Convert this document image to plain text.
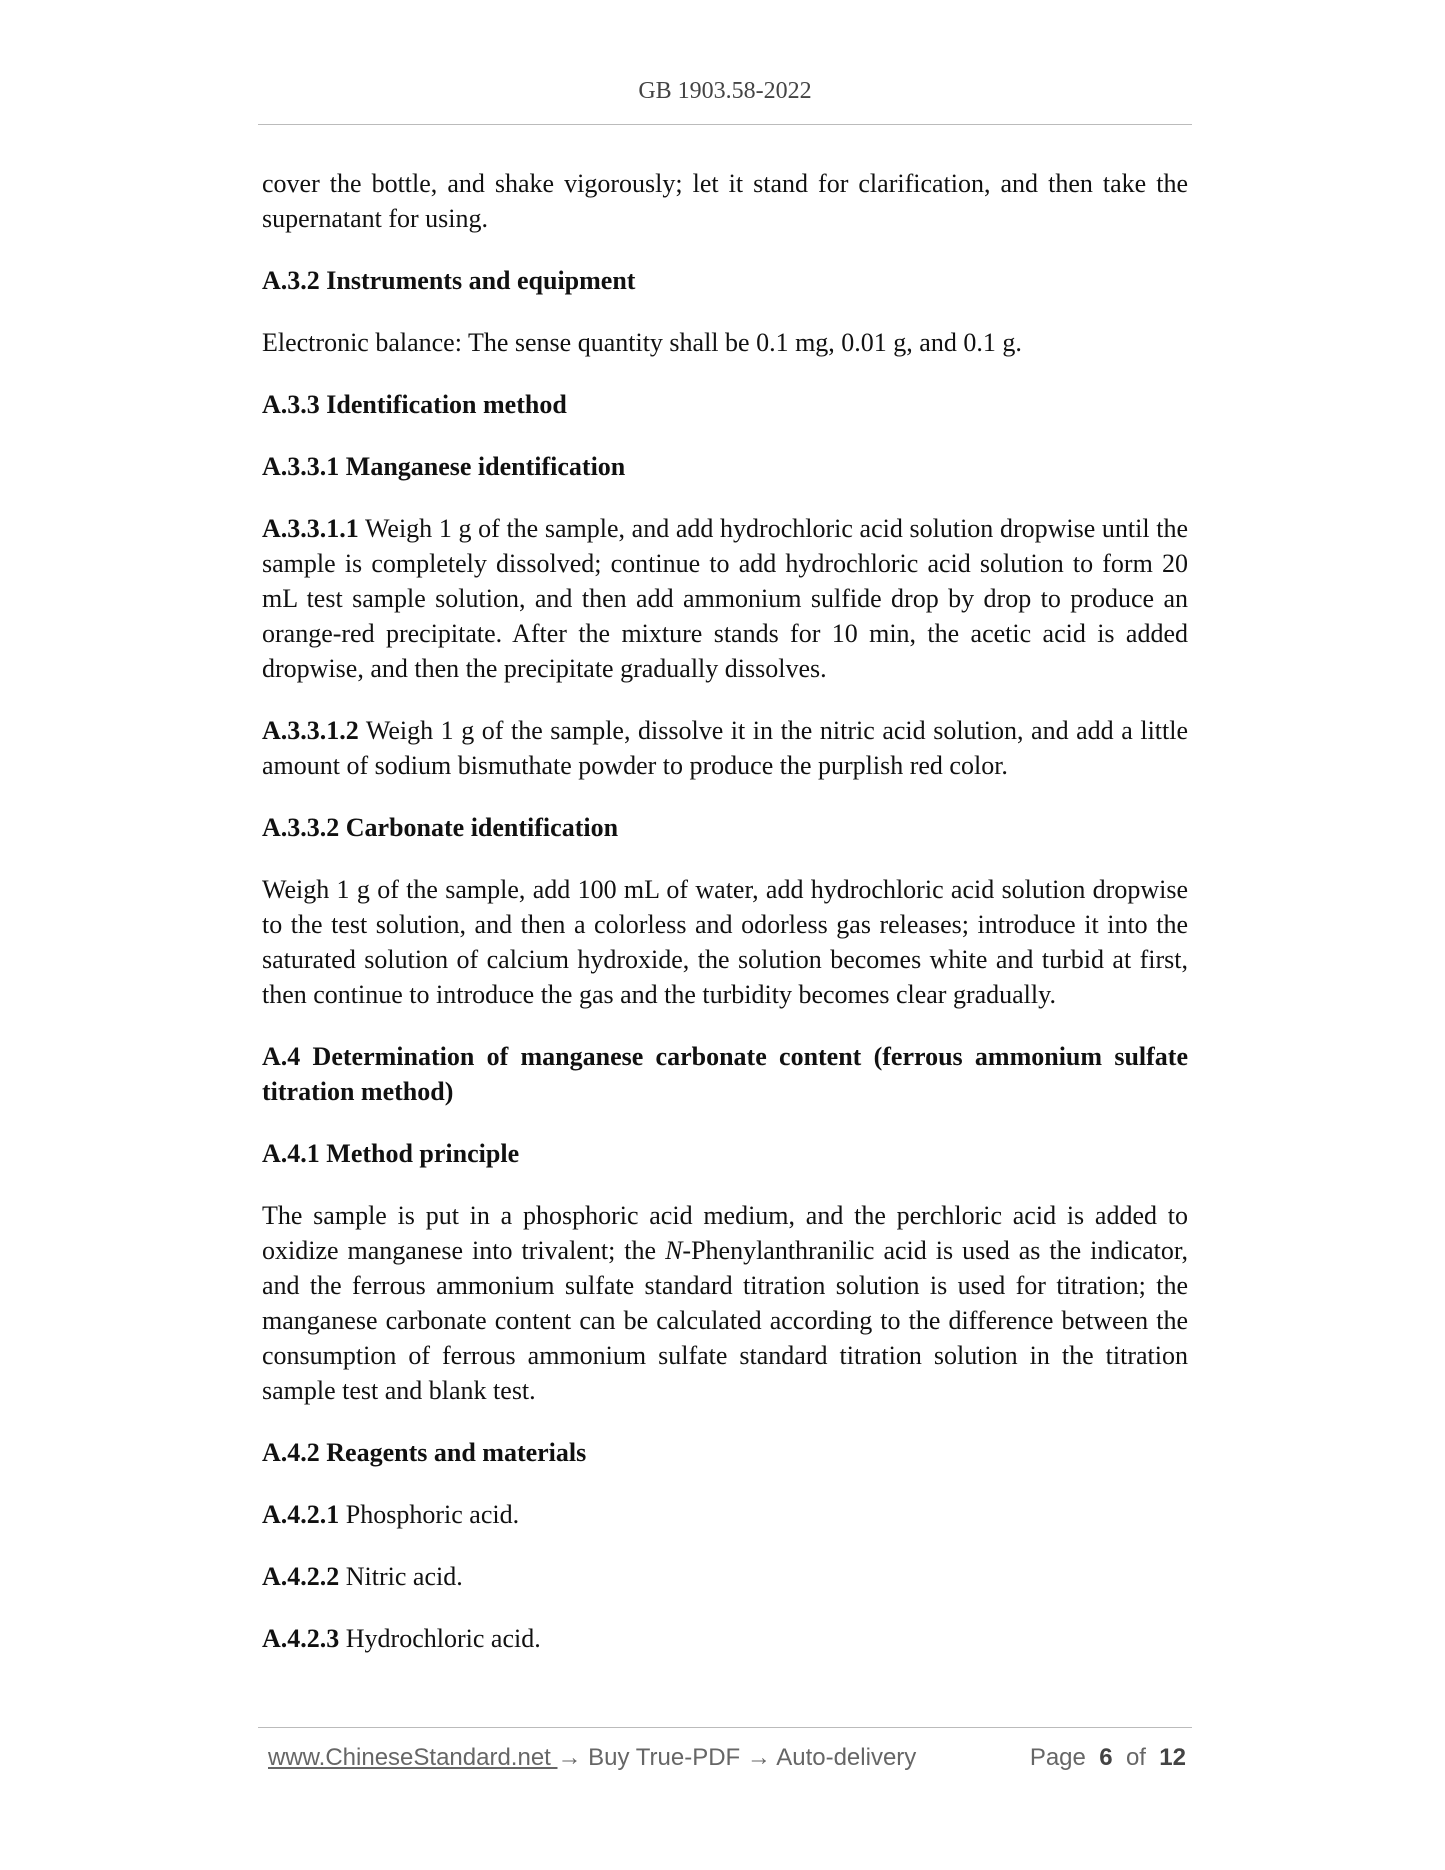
GB 1903.58-2022

cover the bottle, and shake vigorously; let it stand for clarification, and then take the supernatant for using.

A.3.2 Instruments and equipment

Electronic balance: The sense quantity shall be 0.1 mg, 0.01 g, and 0.1 g.

A.3.3 Identification method

A.3.3.1 Manganese identification

A.3.3.1.1 Weigh 1 g of the sample, and add hydrochloric acid solution dropwise until the sample is completely dissolved; continue to add hydrochloric acid solution to form 20 mL test sample solution, and then add ammonium sulfide drop by drop to produce an orange-red precipitate. After the mixture stands for 10 min, the acetic acid is added dropwise, and then the precipitate gradually dissolves.

A.3.3.1.2 Weigh 1 g of the sample, dissolve it in the nitric acid solution, and add a little amount of sodium bismuthate powder to produce the purplish red color.

A.3.3.2 Carbonate identification

Weigh 1 g of the sample, add 100 mL of water, add hydrochloric acid solution dropwise to the test solution, and then a colorless and odorless gas releases; introduce it into the saturated solution of calcium hydroxide, the solution becomes white and turbid at first, then continue to introduce the gas and the turbidity becomes clear gradually.

A.4 Determination of manganese carbonate content (ferrous ammonium sulfate titration method)

A.4.1 Method principle

The sample is put in a phosphoric acid medium, and the perchloric acid is added to oxidize manganese into trivalent; the N-Phenylanthranilic acid is used as the indicator, and the ferrous ammonium sulfate standard titration solution is used for titration; the manganese carbonate content can be calculated according to the difference between the consumption of ferrous ammonium sulfate standard titration solution in the titration sample test and blank test.

A.4.2 Reagents and materials

A.4.2.1 Phosphoric acid.

A.4.2.2 Nitric acid.

A.4.2.3 Hydrochloric acid.

www.ChineseStandard.net → Buy True-PDF → Auto-delivery	Page 6 of 12
